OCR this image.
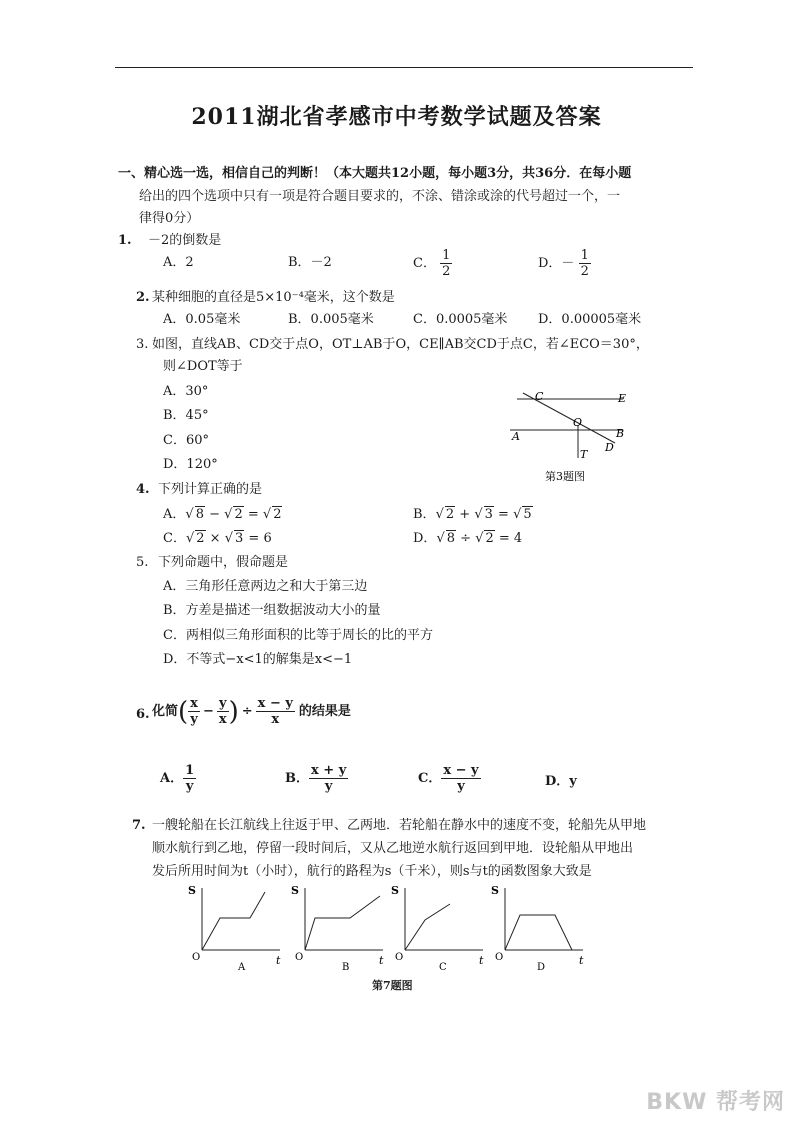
2011湖北省孝感市中考数学试题及答案
一、精心选一选，相信自己的判断！（本大题共12小题，每小题3分，共36分．在每小题
给出的四个选项中只有一项是符合题目要求的，不涂、错涂或涂的代号超过一个，一
律得0分）
1. －2的倒数是
A．2	B．－2	C． $\frac{1}{2}$	D．－ $\frac{1}{2}$
2. 某种细胞的直径是5×10⁻⁴毫米，这个数是
A．0.05毫米	B．0.005毫米	C．0.0005毫米 D．0.00005毫米
3. 如图，直线AB、CD交于点O，OT⊥AB于O，CE∥AB交CD于点C，若∠ECO＝30°，
则∠DOT等于
A．30°
B．45°
C．60°
D．120°
C	E
O
A	B
D
T
第3题图
4. 下列计算正确的是
A．√ 8 − √ 2 = √ 2	B．√ 2 + √ 3 = √ 5
C．√ 2 × √ 3 = 6	D．√ 8 ÷ √ 2 = 4
5. 下列命题中，假命题是
A．三角形任意两边之和大于第三边
B．方差是描述一组数据波动大小的量
C．两相似三角形面积的比等于周长的比的平方
D．不等式−x<1的解集是x<−1
6. 化简 ( $\frac{x}{y} - \frac{y}{x}$ ) ÷ $\frac{x - y}{x}$ 的结果是
A． $\frac{1}{y}$	B． $\frac{x + y}{y}$	C． $\frac{x - y}{y}$	D．y
7. 一艘轮船在长江航线上往返于甲、乙两地．若轮船在静水中的速度不变，轮船先从甲地
顺水航行到乙地，停留一段时间后，又从乙地逆水航行返回到甲地．设轮船从甲地出
发后所用时间为t（小时），航行的路程为s（千米），则s与t的函数图象大致是
S
t
O
A
S
t
O
B
S
t
O
C
S
t
O
D
第7题图
BKW 帮考网
